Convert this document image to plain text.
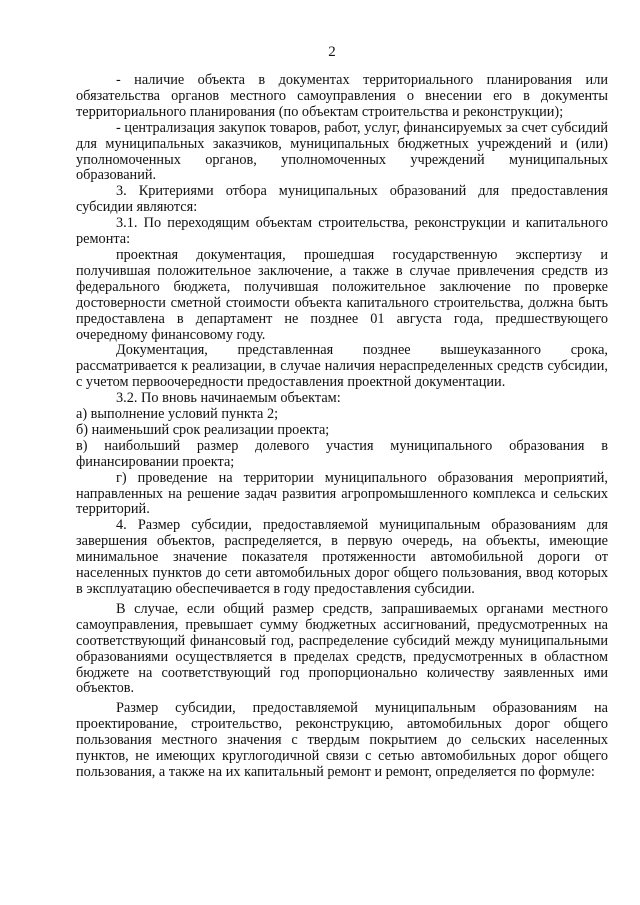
2

- наличие объекта в документах территориального планирования или обязательства органов местного самоуправления о внесении его в документы территориального планирования (по объектам строительства и реконструкции);

- централизация закупок товаров, работ, услуг, финансируемых за счет субсидий для муниципальных заказчиков, муниципальных бюджетных учреждений и (или) уполномоченных органов, уполномоченных учреждений муниципальных образований.

3. Критериями отбора муниципальных образований для предоставления субсидии являются:

3.1. По переходящим объектам строительства, реконструкции и капитального ремонта:

проектная документация, прошедшая государственную экспертизу и получившая положительное заключение, а также в случае привлечения средств из федерального бюджета, получившая положительное заключение по проверке достоверности сметной стоимости объекта капитального строительства, должна быть предоставлена в департамент не позднее 01 августа года, предшествующего очередному финансовому году.

Документация, представленная позднее вышеуказанного срока, рассматривается к реализации, в случае наличия нераспределенных средств субсидии, с учетом первоочередности предоставления проектной документации.

3.2. По вновь начинаемым объектам:

а) выполнение условий пункта 2;

б) наименьший срок реализации проекта;

в) наибольший размер долевого участия муниципального образования в финансировании проекта;

г) проведение на территории муниципального образования мероприятий, направленных на решение задач развития агропромышленного комплекса и сельских территорий.

4. Размер субсидии, предоставляемой муниципальным образованиям для завершения объектов, распределяется, в первую очередь, на объекты, имеющие минимальное значение показателя протяженности автомобильной дороги от населенных пунктов до сети автомобильных дорог общего пользования, ввод которых в эксплуатацию обеспечивается в году предоставления субсидии.

В случае, если общий размер средств, запрашиваемых органами местного самоуправления, превышает сумму бюджетных ассигнований, предусмотренных на соответствующий финансовый год, распределение субсидий между муниципальными образованиями осуществляется в пределах средств, предусмотренных в областном бюджете на соответствующий год пропорционально количеству заявленных ими объектов.

Размер субсидии, предоставляемой муниципальным образованиям на проектирование, строительство, реконструкцию, автомобильных дорог общего пользования местного значения с твердым покрытием до сельских населенных пунктов, не имеющих круглогодичной связи с сетью автомобильных дорог общего пользования, а также на их капитальный ремонт и ремонт, определяется по формуле:
